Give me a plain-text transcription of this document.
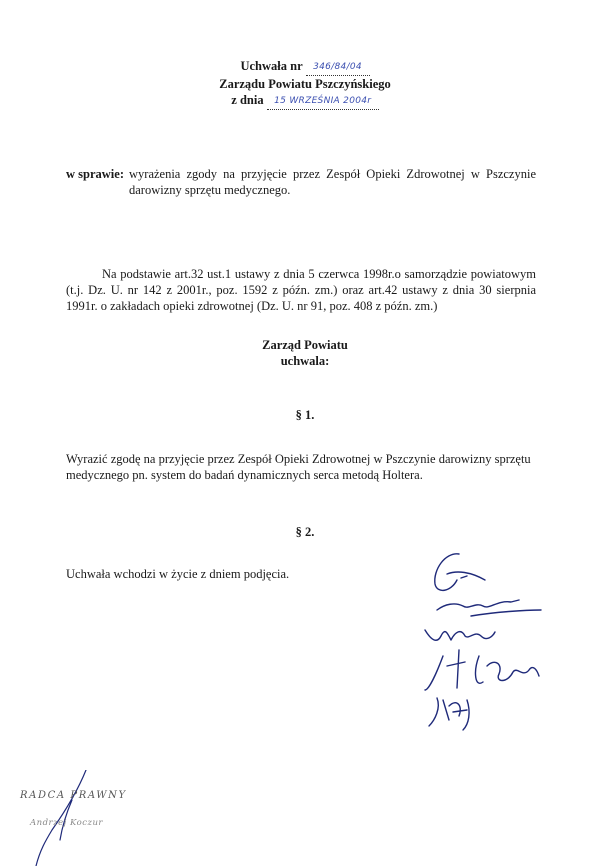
Uchwała nr 346/84/04
Zarządu Powiatu Pszczyńskiego
z dnia 15 WRZEŚNIA 2004r
w sprawie: wyrażenia zgody na przyjęcie przez Zespół Opieki Zdrowotnej w Pszczynie darowizny sprzętu medycznego.
Na podstawie art.32 ust.1 ustawy z dnia 5 czerwca 1998r.o samorządzie powiatowym (t.j. Dz. U. nr 142 z 2001r., poz. 1592 z późn. zm.) oraz art.42 ustawy z dnia 30 sierpnia 1991r. o zakładach opieki zdrowotnej (Dz. U. nr 91, poz. 408 z późn. zm.)
Zarząd Powiatu
uchwala:
§ 1.
Wyrazić zgodę na przyjęcie przez Zespół Opieki Zdrowotnej w Pszczynie darowizny sprzętu medycznego pn. system do badań dynamicznych serca metodą Holtera.
§ 2.
Uchwała wchodzi w życie z dniem podjęcia.
RADCA PRAWNY
Andrzej Koczur
